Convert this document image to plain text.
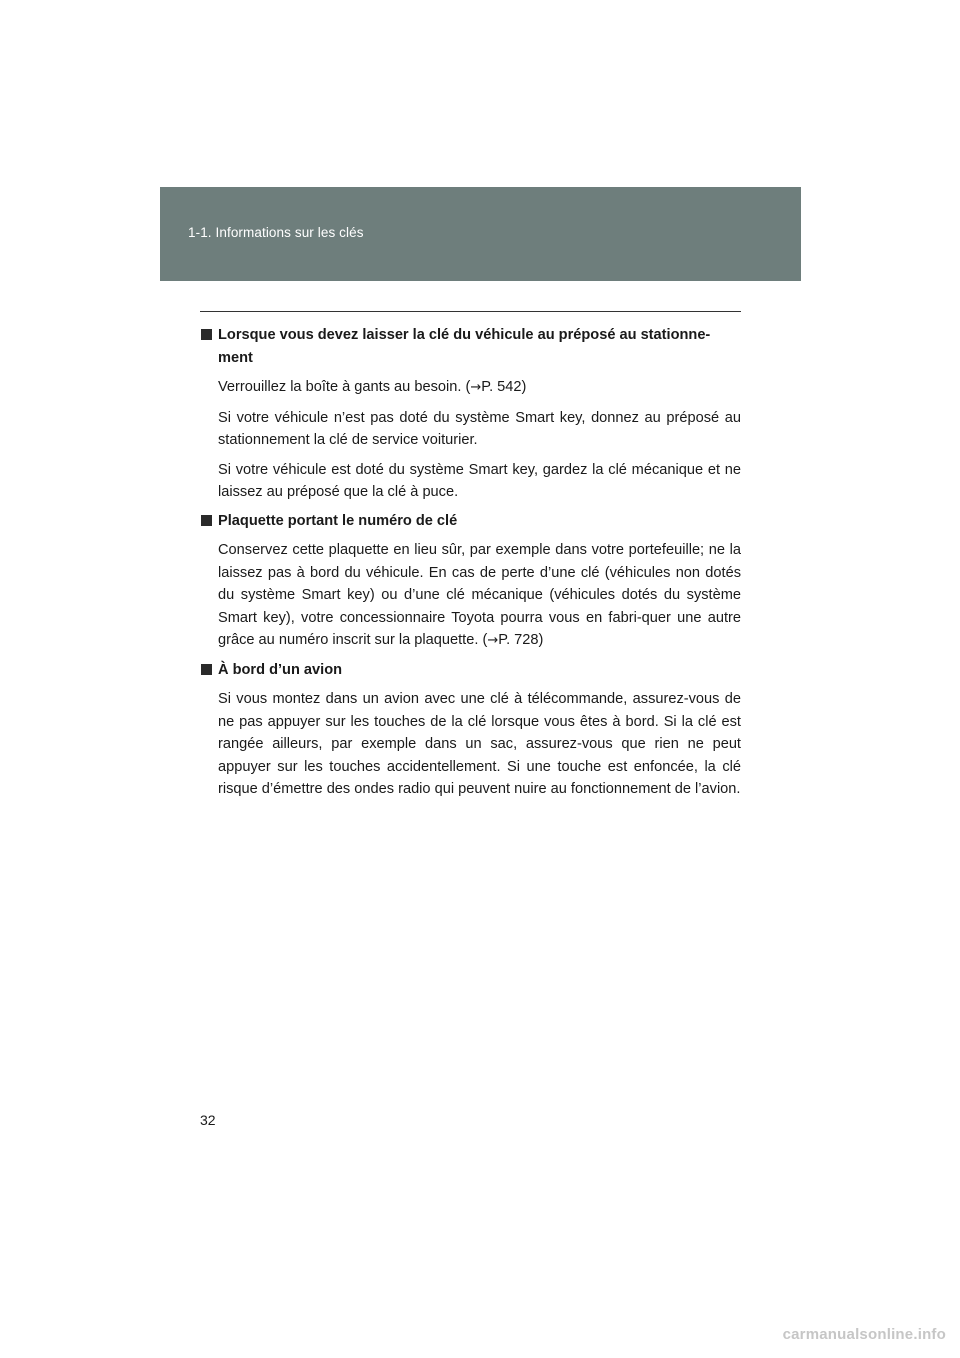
1-1. Informations sur les clés

Lorsque vous devez laisser la clé du véhicule au préposé au stationne-ment

Verrouillez la boîte à gants au besoin. (→P. 542)

Si votre véhicule n’est pas doté du système Smart key, donnez au préposé au stationnement la clé de service voiturier.

Si votre véhicule est doté du système Smart key, gardez la clé mécanique et ne laissez au préposé que la clé à puce.

Plaquette portant le numéro de clé

Conservez cette plaquette en lieu sûr, par exemple dans votre portefeuille; ne la laissez pas à bord du véhicule. En cas de perte d’une clé (véhicules non dotés du système Smart key) ou d’une clé mécanique (véhicules dotés du système Smart key), votre concessionnaire Toyota pourra vous en fabri-quer une autre grâce au numéro inscrit sur la plaquette. (→P. 728)

À bord d’un avion

Si vous montez dans un avion avec une clé à télécommande, assurez-vous de ne pas appuyer sur les touches de la clé lorsque vous êtes à bord. Si la clé est rangée ailleurs, par exemple dans un sac, assurez-vous que rien ne peut appuyer sur les touches accidentellement. Si une touche est enfoncée, la clé risque d’émettre des ondes radio qui peuvent nuire au fonctionnement de l’avion.

32
carmanualsonline.info
